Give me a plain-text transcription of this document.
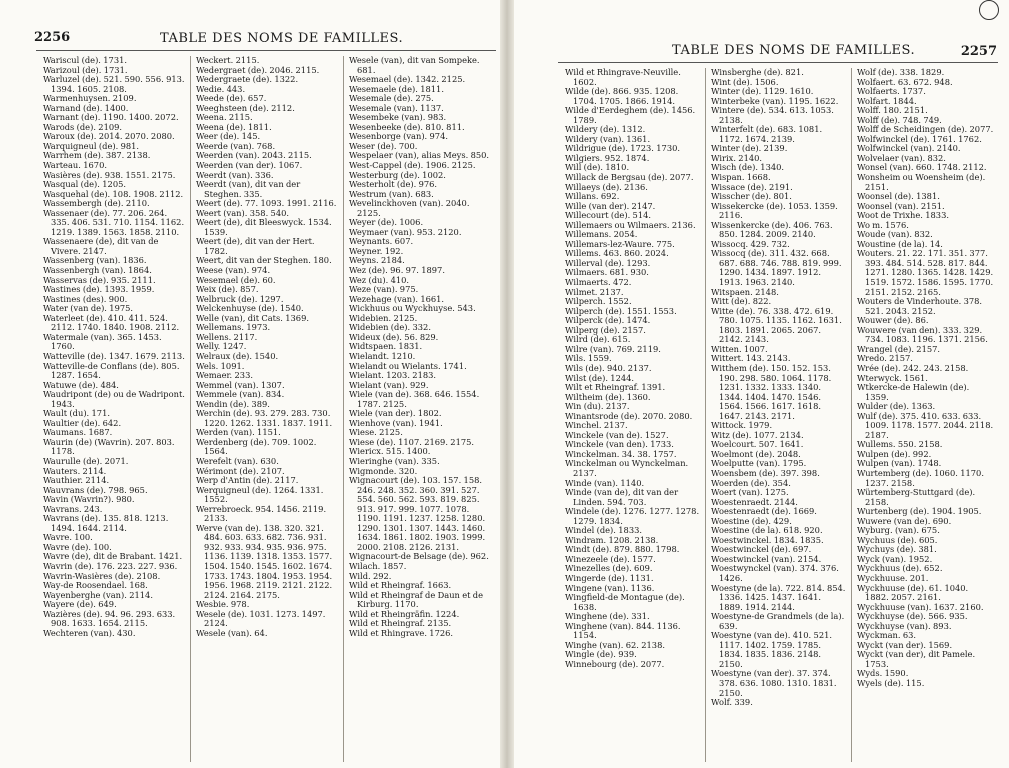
2256	TABLE DES NOMS DE FAMILLES.
Wariscul (de). 1731.
Warizoul (de). 1731.
Warluzel (de). 521. 590. 556. 913. 1394. 1605. 2108.
Warmenhuysen. 2109.
Warnand (de). 1400.
Warnant (de). 1190. 1400. 2072.
Warods (de). 2109.
Waroux (de). 2014. 2070. 2080.
Warquigneul (de). 981.
Warrhem (de). 387. 2138.
Warteau. 1670.
Wasières (de). 938. 1551. 2175.
Wasqual (de). 1205.
Wasquehal (de). 108. 1908. 2112.
Wassembergh (de). 2110.
Wassenaer (de). 77. 206. 264. 335. 406. 531. 710. 1154. 1162. 1219. 1389. 1563. 1858. 2110.
Wassenaere (de), dit van de Vivere. 2147.
Wassenberg (van). 1836.
Wassenbergh (van). 1864.
Wasservas (de). 935. 2111.
Wastines (de). 1393. 1959.
Wastines (des). 900.
Water (van de). 1975.
Waterleet (de). 410. 411. 524. 2112. 1740. 1840. 1908. 2112.
Watermale (van). 365. 1453. 1760.
Watteville (de). 1347. 1679. 2113.
Watteville-de Conflans (de). 805. 1287. 1654.
Watuwe (de). 484.
Waudripont (de) ou de Wadripont. 1943.
Wault (du). 171.
Waultier (de). 642.
Waumans. 1687.
Waurin (de) (Wavrin). 207. 803. 1178.
Waurulle (de). 2071.
Wauters. 2114.
Wauthier. 2114.
Wauvrans (de). 798. 965.
Wavin (Wavrin?). 980.
Wavrans. 243.
Wavrans (de). 135. 818. 1213. 1494. 1644. 2114.
Wavre. 100.
Wavre (de). 100.
Wavre (de), dit de Brabant. 1421.
Wavrin (de). 176. 223. 227. 936.
Wavrin-Wasières (de). 2108.
Way-de Roosendael. 168.
Wayenberghe (van). 2114.
Wayere (de). 649.
Wazières (de). 94. 96. 293. 633. 908. 1633. 1654. 2115.
Wechteren (van). 430.
Weckert. 2115.
Wedergraet (de). 2046. 2115.
Wedergraete (de). 1322.
Wedie. 443.
Weede (de). 657.
Weeghsteen (de). 2112.
Weena. 2115.
Weena (de). 1811.
Weer (de). 145.
Weerde (van). 768.
Weerden (van). 2043. 2115.
Weerden (van der). 1067.
Weerdt (van). 336.
Weerdt (van), dit van der Steghen. 335.
Weert (de). 77. 1093. 1991. 2116.
Weert (van). 358. 540.
Weert (de), dit Bleeswyck. 1534. 1539.
Weert (de), dit van der Hert. 1782.
Weert, dit van der Steghen. 180.
Weese (van). 974.
Wesemael (de). 60.
Weix (de). 857.
Welbruck (de). 1297.
Welckenhuyse (de). 1540.
Welle (van), dit Cats. 1369.
Wellemans. 1973.
Wellens. 2117.
Welly. 1247.
Welraux (de). 1540.
Wels. 1091.
Wemaer. 233.
Wemmel (van). 1307.
Wemmele (van). 834.
Wendin (de). 389.
Werchin (de). 93. 279. 283. 730. 1220. 1262. 1331. 1837. 1911.
Werden (van). 1151.
Werdenberg (de). 709. 1002. 1564.
Werefelt (van). 630.
Wérimont (de). 2107.
Werp d'Antin (de). 2117.
Werquigneul (de). 1264. 1331. 1552.
Werrebroeck. 954. 1456. 2119. 2133.
Werve (van de). 138. 320. 321. 484. 603. 633. 682. 736. 931. 932. 933. 934. 935. 936. 975. 1136. 1139. 1318. 1353. 1577. 1504. 1540. 1545. 1602. 1674. 1733. 1743. 1804. 1953. 1954. 1956. 1968. 2119. 2121. 2122. 2124. 2164. 2175.
Wesbie. 978.
Wesele (de). 1031. 1273. 1497. 2124.
Wesele (van). 64.
Wesele (van), dit van Sompeke. 681.
Wesemael (de). 1342. 2125.
Wesemaele (de). 1811.
Wesemale (de). 275.
Wesemale (van). 1137.
Wesembeke (van). 983.
Wesenbeeke (de). 810. 811.
Wesenborge (van). 974.
Weser (de). 700.
Wespelaer (van), alias Meys. 850.
West-Cappel (de). 1906. 2125.
Westerburg (de). 1002.
Westerholt (de). 976.
Westrum (van). 683.
Wevelinckhoven (van). 2040. 2125.
Weyer (de). 1006.
Weymaer (van). 953. 2120.
Weynants. 607.
Weyner. 192.
Weyns. 2184.
Wez (de). 96. 97. 1897.
Wez (du). 410.
Weze (van). 975.
Wezehage (van). 1661.
Wickhuus ou Wyckhuyse. 543.
Widebien. 2125.
Widebien (de). 332.
Wideux (de). 56. 829.
Widtspaen. 1831.
Wielandt. 1210.
Wielandt ou Wielants. 1741.
Wielant. 1203. 2183.
Wielant (van). 929.
Wiele (van de). 368. 646. 1554. 1787. 2125.
Wiele (van der). 1802.
Wienhove (van). 1941.
Wiese. 2125.
Wiese (de). 1107. 2169. 2175.
Wiericx. 515. 1400.
Wieringhe (van). 335.
Wigmonde. 320.
Wignacourt (de). 103. 157. 158. 246. 248. 352. 360. 391. 527. 554. 560. 562. 593. 819. 825. 913. 917. 999. 1077. 1078. 1190. 1191. 1237. 1258. 1280. 1290. 1301. 1307. 1443. 1460. 1634. 1861. 1802. 1903. 1999. 2000. 2108. 2126. 2131.
Wignacourt-de Belsage (de). 962.
Wilach. 1857.
Wild. 292.
Wild et Rheingraf. 1663.
Wild et Rheingraf de Daun et de Kirburg. 1170.
Wild et Rheingräfin. 1224.
Wild et Rheingraf. 2135.
Wild et Rhingrave. 1726.
TABLE DES NOMS DE FAMILLES.	2257
Wild et Rhingrave-Neuville. 1602.
Wilde (de). 866. 935. 1208. 1704. 1705. 1866. 1914.
Wilde d'Eerdeghem (de). 1456. 1789.
Wildery (de). 1312.
Wildery (van). 1361.
Wildrigue (de). 1723. 1730.
Wilgiers. 952. 1874.
Will (de). 1810.
Willack de Bergsau (de). 2077.
Willaeys (de). 2136.
Willans. 692.
Wille (van der). 2147.
Willecourt (de). 514.
Willemaers ou Wilmaers. 2136.
Willemans. 2054.
Willemars-lez-Waure. 775.
Willems. 463. 860. 2024.
Willerval (de). 1293.
Wilmaers. 681. 930.
Wilmaerts. 472.
Wilmet. 2137.
Wilperch. 1552.
Wilperch (de). 1551. 1553.
Wilperck (de). 1474.
Wilperg (de). 2157.
Wilrd (de). 615.
Wilre (van). 769. 2119.
Wils. 1559.
Wils (de). 940. 2137.
Wilst (de). 1244.
Wilt et Rheingraf. 1391.
Wiltheim (de). 1360.
Win (du). 2137.
Winantsrode (de). 2070. 2080.
Winchel. 2137.
Winckele (van de). 1527.
Winckele (van den). 1733.
Winckelman. 34. 38. 1757.
Winckelman ou Wynckelman. 2137.
Winde (van). 1140.
Winde (van de), dit van der Linden. 594. 703.
Windele (de). 1276. 1277. 1278. 1279. 1834.
Windel (de). 1833.
Windram. 1208. 2138.
Windt (de). 879. 880. 1798.
Winezeele (de). 1577.
Winezelles (de). 609.
Wingerde (de). 1131.
Wingene (van). 1136.
Wingfield-de Montague (de). 1638.
Winghene (de). 331.
Winghene (van). 844. 1136. 1154.
Winghe (van). 62. 2138.
Wingle (de). 939.
Winnebourg (de). 2077.
Winsberghe (de). 821.
Wint (de). 1506.
Winter (de). 1129. 1610.
Winterbeke (van). 1195. 1622.
Wintere (de). 534. 613. 1053. 2138.
Winterfelt (de). 683. 1081. 1172. 1674. 2139.
Winter (de). 2139.
Wirix. 2140.
Wisch (de). 1340.
Wispan. 1668.
Wissace (de). 2191.
Wisscher (de). 801.
Wissekercke (de). 1053. 1359. 2116.
Wissenkercke (de). 406. 763. 850. 1284. 2009. 2140.
Wissocq. 429. 732.
Wissocq (de). 311. 432. 668. 687. 688. 746. 788. 819. 999. 1290. 1434. 1897. 1912. 1913. 1963. 2140.
Witspaen. 2148.
Witt (de). 822.
Witte (de). 76. 338. 472. 619. 780. 1075. 1135. 1162. 1631. 1803. 1891. 2065. 2067. 2142. 2143.
Witten. 1007.
Wittert. 143. 2143.
Witthem (de). 150. 152. 153. 190. 298. 580. 1064. 1178. 1231. 1332. 1333. 1340. 1344. 1404. 1470. 1546. 1564. 1566. 1617. 1618. 1647. 2143. 2171.
Wittock. 1979.
Witz (de). 1077. 2134.
Woelcourt. 507. 1641.
Woelmont (de). 2048.
Woelputte (van). 1795.
Woensbem (de). 397. 398.
Woerden (de). 354.
Woert (van). 1275.
Woestenraedt. 2144.
Woestenraedt (de). 1669.
Woestine (de). 429.
Woestine (de la). 618. 920.
Woestwinckel. 1834. 1835.
Woestwinckel (de). 697.
Woestwinckel (van). 2154.
Woestwynckel (van). 374. 376. 1426.
Woestyne (de la). 722. 814. 854. 1336. 1425. 1437. 1641. 1889. 1914. 2144.
Woestyne-de Grandmels (de la). 639.
Woestyne (van de). 410. 521. 1117. 1402. 1759. 1785. 1834. 1835. 1836. 2148. 2150.
Woestyne (van der). 37. 374. 378. 636. 1080. 1310. 1831. 2150.
Wolf. 339.
Wolf (de). 338. 1829.
Wolfaert. 63. 672. 948.
Wolfaerts. 1737.
Wolfart. 1844.
Wolff. 180. 2151.
Wolff (de). 748. 749.
Wolff de Scheidingen (de). 2077.
Wolfwinckel (de). 1761. 1762.
Wolfwinckel (van). 2140.
Wolvelaer (van). 832.
Wonsel (van). 660. 1748. 2112.
Wonsheim ou Woensheim (de). 2151.
Woonsel (de). 1381.
Woonsel (van). 2151.
Woot de Trixhe. 1833.
Wo m. 1576.
Woude (van). 832.
Woustine (de la). 14.
Wouters. 21. 22. 171. 351. 377. 393. 484. 514. 528. 817. 844. 1271. 1280. 1365. 1428. 1429. 1519. 1572. 1586. 1595. 1770. 2151. 2152. 2165.
Wouters de Vinderhoute. 378. 521. 2043. 2152.
Wouwer (de). 86.
Wouwere (van den). 333. 329. 734. 1083. 1196. 1371. 2156.
Wrangel (de). 2157.
Wredo. 2157.
Wrée (de). 242. 243. 2158.
Wterwyck. 1561.
Wtkercke-de Halewin (de). 1359.
Wulder (de). 1363.
Wulf (de). 375. 410. 633. 633. 1009. 1178. 1577. 2044. 2118. 2187.
Wullems. 550. 2158.
Wulpen (de). 992.
Wulpen (van). 1748.
Wurtemberg (de). 1060. 1170. 1237. 2158.
Würtemberg-Stuttgard (de). 2158.
Wurtenberg (de). 1904. 1905.
Wuwere (van de). 690.
Wyburg. (van). 675.
Wychuus (de). 605.
Wychuys (de). 381.
Wyck (van). 1952.
Wyckhuus (de). 652.
Wyckhuuse. 201.
Wyckhuuse (de). 61. 1040. 1882. 2057. 2161.
Wyckhuuse (van). 1637. 2160.
Wyckhuyse (de). 566. 935.
Wyckhuyse (van). 893.
Wyckman. 63.
Wyckt (van der). 1569.
Wyckt (van der), dit Pamele. 1753.
Wyds. 1590.
Wyels (de). 115.
